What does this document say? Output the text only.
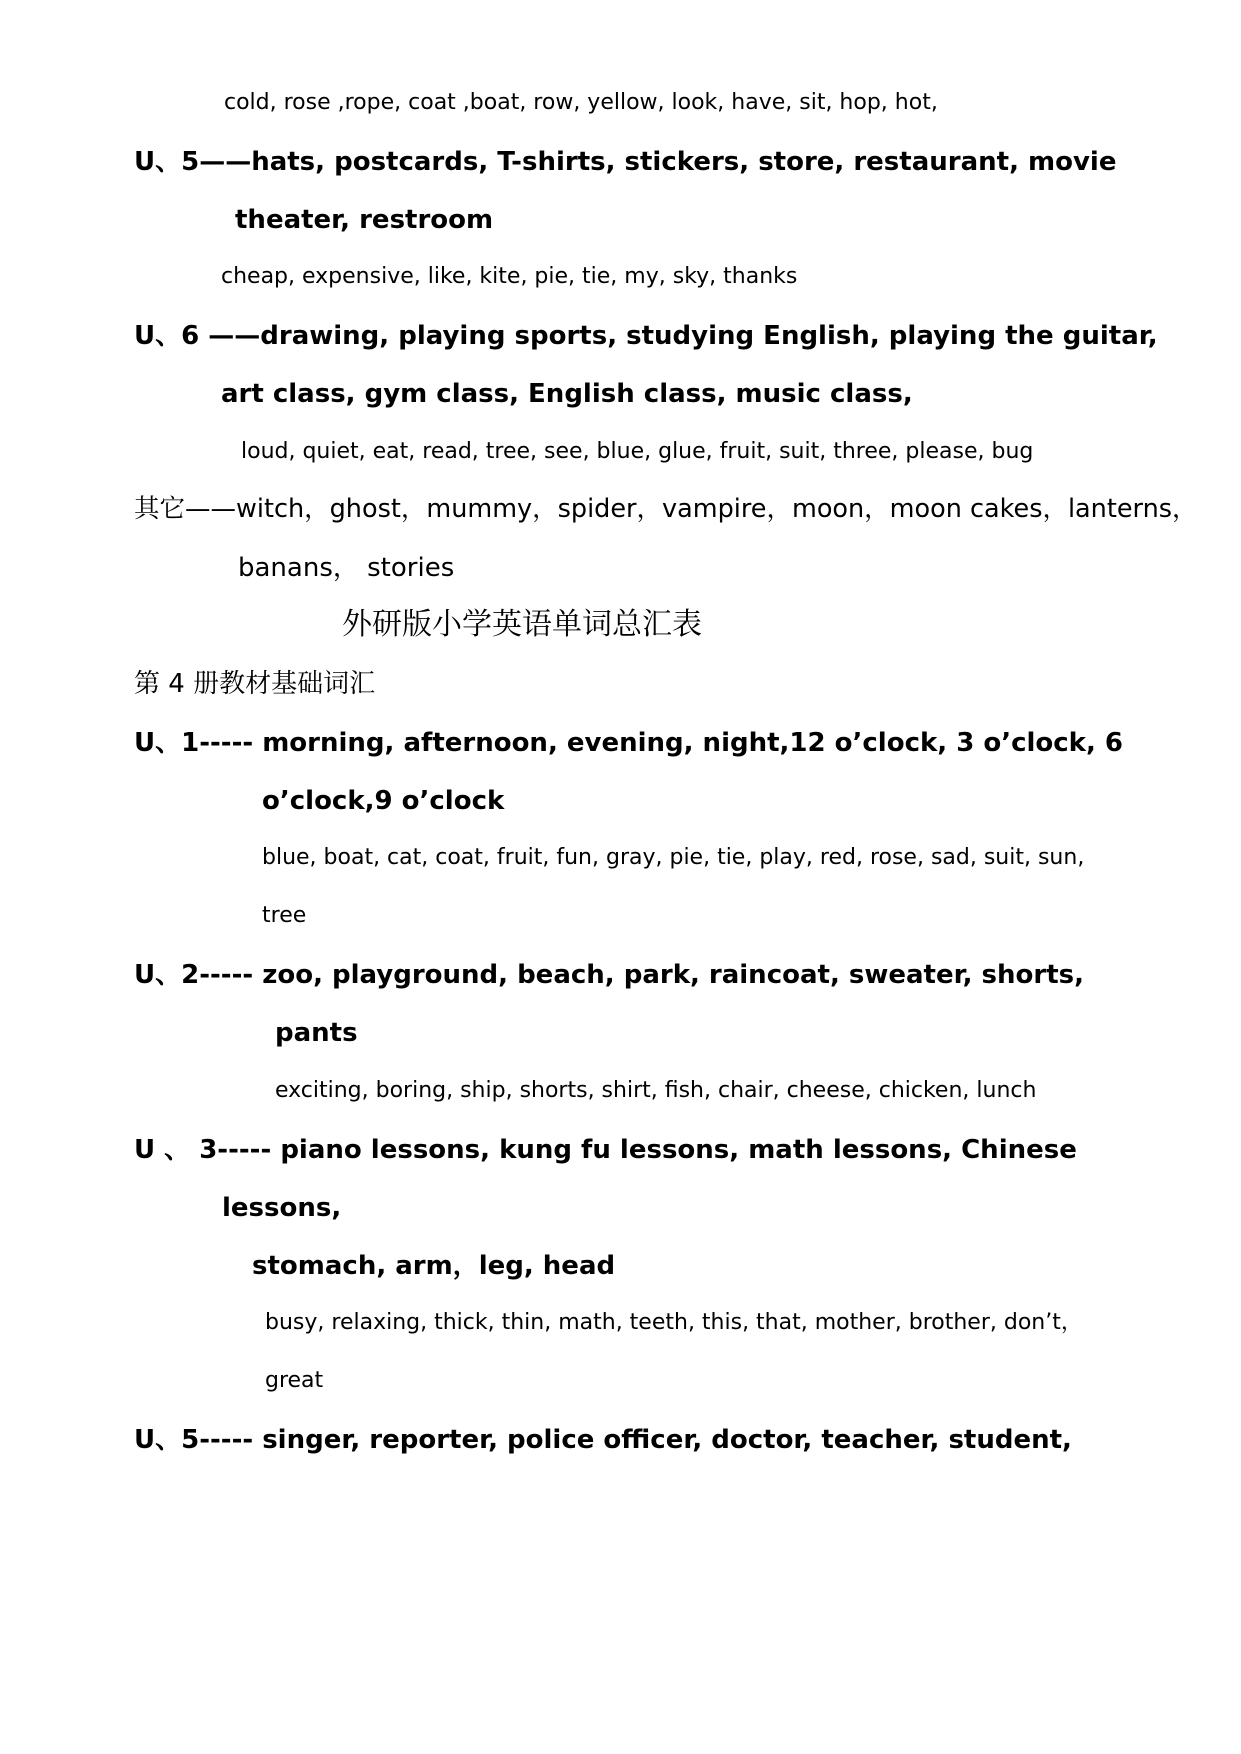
cold, rose ,rope, coat ,boat, row, yellow, look, have, sit, hop, hot,
U、5——hats, postcards, T-shirts, stickers, store, restaurant, movie
theater, restroom
cheap, expensive, like, kite, pie, tie, my, sky, thanks
U、6 ——drawing, playing sports, studying English, playing the guitar,
art class, gym class, English class, music class,
loud, quiet, eat, read, tree, see, blue, glue, fruit, suit, three, please, bug
其它——witch，ghost，mummy，spider，vampire，moon，moon cakes，lanterns，
banans， stories
外研版小学英语单词总汇表
第 4 册教材基础词汇
U、1----- morning, afternoon, evening, night,12 o’clock, 3 o’clock, 6
o’clock,9 o’clock
blue, boat, cat, coat, fruit, fun, gray, pie, tie, play, red, rose, sad, suit, sun,
tree
U、2----- zoo, playground, beach, park, raincoat, sweater, shorts,
pants
exciting, boring, ship, shorts, shirt, fish, chair, cheese, chicken, lunch
U 、 3----- piano lessons, kung fu lessons, math lessons, Chinese
lessons,
stomach, arm，leg, head
busy, relaxing, thick, thin, math, teeth, this, that, mother, brother, don’t，
great
U、5----- singer, reporter, police officer, doctor, teacher, student,
